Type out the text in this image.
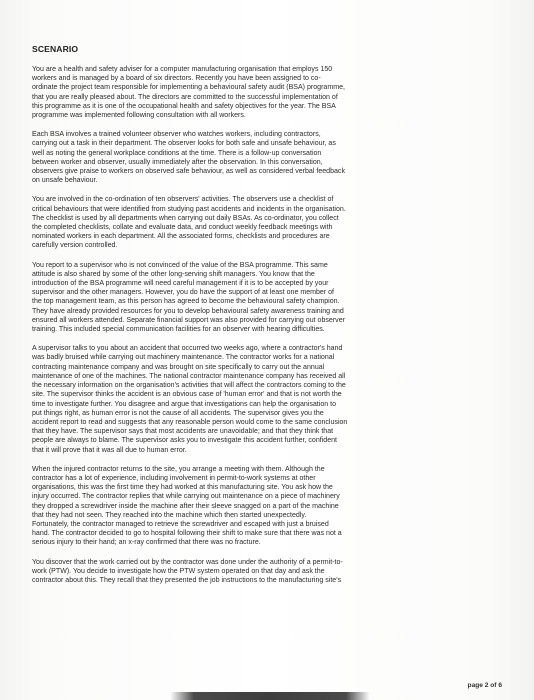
SCENARIO
You are a health and safety adviser for a computer manufacturing organisation that employs 150
workers and is managed by a board of six directors. Recently you have been assigned to co-
ordinate the project team responsible for implementing a behavioural safety audit (BSA) programme,
that you are really pleased about. The directors are committed to the successful implementation of
this programme as it is one of the occupational health and safety objectives for the year. The BSA
programme was implemented following consultation with all workers.
Each BSA involves a trained volunteer observer who watches workers, including contractors,
carrying out a task in their department. The observer looks for both safe and unsafe behaviour, as
well as noting the general workplace conditions at the time. There is a follow-up conversation
between worker and observer, usually immediately after the observation. In this conversation,
observers give praise to workers on observed safe behaviour, as well as considered verbal feedback
on unsafe behaviour.
You are involved in the co-ordination of ten observers' activities. The observers use a checklist of
critical behaviours that were identified from studying past accidents and incidents in the organisation.
The checklist is used by all departments when carrying out daily BSAs. As co-ordinator, you collect
the completed checklists, collate and evaluate data, and conduct weekly feedback meetings with
nominated workers in each department. All the associated forms, checklists and procedures are
carefully version controlled.
You report to a supervisor who is not convinced of the value of the BSA programme. This same
attitude is also shared by some of the other long-serving shift managers. You know that the
introduction of the BSA programme will need careful management if it is to be accepted by your
supervisor and the other managers. However, you do have the support of at least one member of
the top management team, as this person has agreed to become the behavioural safety champion.
They have already provided resources for you to develop behavioural safety awareness training and
ensured all workers attended. Separate financial support was also provided for carrying out observer
training. This included special communication facilities for an observer with hearing difficulties.
A supervisor talks to you about an accident that occurred two weeks ago, where a contractor's hand
was badly bruised while carrying out machinery maintenance. The contractor works for a national
contracting maintenance company and was brought on site specifically to carry out the annual
maintenance of one of the machines. The national contractor maintenance company has received all
the necessary information on the organisation's activities that will affect the contractors coming to the
site. The supervisor thinks the accident is an obvious case of 'human error' and that is not worth the
time to investigate further. You disagree and argue that investigations can help the organisation to
put things right, as human error is not the cause of all accidents. The supervisor gives you the
accident report to read and suggests that any reasonable person would come to the same conclusion
that they have. The supervisor says that most accidents are unavoidable; and that they think that
people are always to blame. The supervisor asks you to investigate this accident further, confident
that it will prove that it was all due to human error.
When the injured contractor returns to the site, you arrange a meeting with them. Although the
contractor has a lot of experience, including involvement in permit-to-work systems at other
organisations, this was the first time they had worked at this manufacturing site. You ask how the
injury occurred. The contractor replies that while carrying out maintenance on a piece of machinery
they dropped a screwdriver inside the machine after their sleeve snagged on a part of the machine
that they had not seen. They reached into the machine which then started unexpectedly.
Fortunately, the contractor managed to retrieve the screwdriver and escaped with just a bruised
hand. The contractor decided to go to hospital following their shift to make sure that there was not a
serious injury to their hand; an x-ray confirmed that there was no fracture.
You discover that the work carried out by the contractor was done under the authority of a permit-to-
work (PTW). You decide to investigate how the PTW system operated on that day and ask the
contractor about this. They recall that they presented the job instructions to the manufacturing site's
page 2 of 6
